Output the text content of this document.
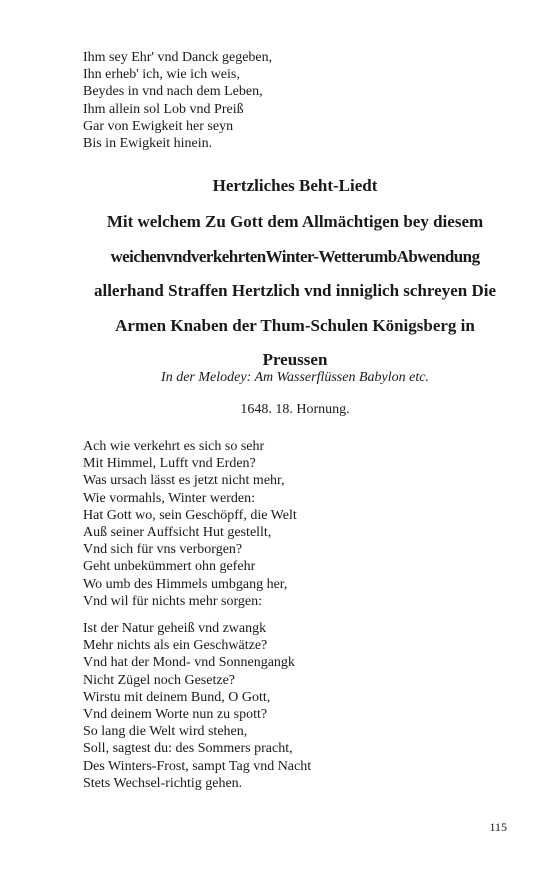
Ihm sey Ehr' vnd Danck gegeben,
Ihn erheb' ich, wie ich weis,
Beydes in vnd nach dem Leben,
Ihm allein sol Lob vnd Preiß
Gar von Ewigkeit her seyn
Bis in Ewigkeit hinein.
Hertzliches Beht-Liedt
Mit welchem Zu Gott dem Allmächtigen bey diesem
weichenvndverkehrtenWinter-WetterumbAbwendung
allerhand Straffen Hertzlich vnd inniglich schreyen Die
Armen Knaben der Thum-Schulen Königsberg in
Preussen
In der Melodey: Am Wasserflüssen Babylon etc.
1648. 18. Hornung.
Ach wie verkehrt es sich so sehr
Mit Himmel, Lufft vnd Erden?
Was ursach lässt es jetzt nicht mehr,
Wie vormahls, Winter werden:
Hat Gott wo, sein Geschöpff, die Welt
Auß seiner Auffsicht Hut gestellt,
Vnd sich für vns verborgen?
Geht unbekümmert ohn gefehr
Wo umb des Himmels umbgang her,
Vnd wil für nichts mehr sorgen:
Ist der Natur geheiß vnd zwangk
Mehr nichts als ein Geschwätze?
Vnd hat der Mond- vnd Sonnengangk
Nicht Zügel noch Gesetze?
Wirstu mit deinem Bund, O Gott,
Vnd deinem Worte nun zu spott?
So lang die Welt wird stehen,
Soll, sagtest du: des Sommers pracht,
Des Winters-Frost, sampt Tag vnd Nacht
Stets Wechsel-richtig gehen.
115
